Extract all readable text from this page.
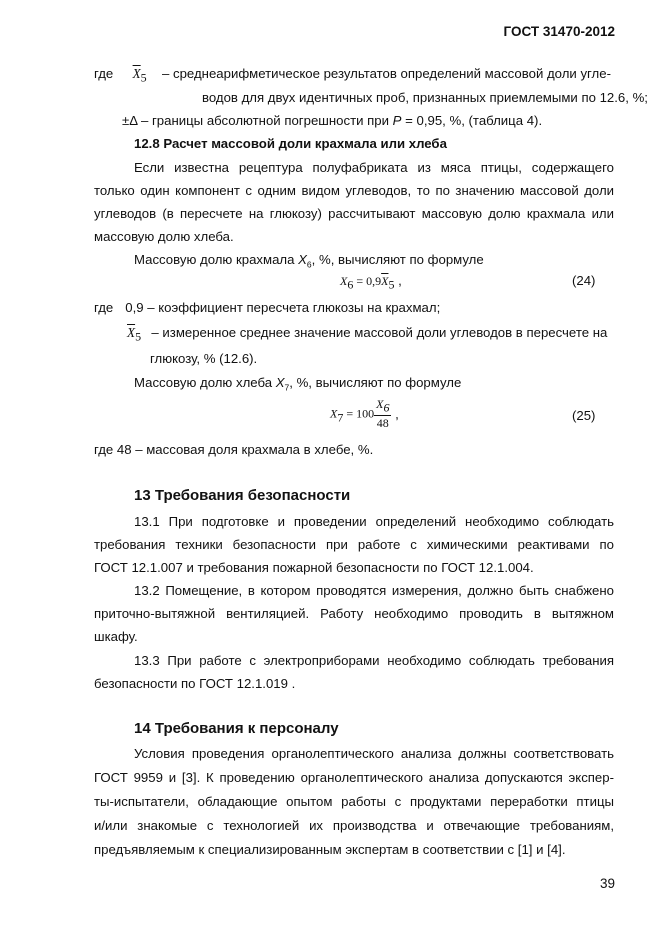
ГОСТ 31470-2012
где $\overline{X}_5$ – среднеарифметическое результатов определений массовой доли угле-
водов для двух идентичных проб, признанных приемлемыми по 12.6, %;
±Δ – границы абсолютной погрешности при P = 0,95, %, (таблица 4).
12.8 Расчет массовой доли крахмала или хлеба
Если известна рецептура полуфабриката из мяса птицы, содержащего
только один компонент с одним видом углеводов, то по значению массовой доли
углеводов (в пересчете на глюкозу) рассчитывают массовую долю крахмала или
массовую долю хлеба.
Массовую долю крахмала $X_6$, %, вычисляют по формуле
$X_6 = 0,9\overline{X}_5$ ,	(24)
где 0,9 – коэффициент пересчета глюкозы на крахмал;
$\overline{X}_5$ – измеренное среднее значение массовой доли углеводов в пересчете на
глюкозу, % (12.6).
Массовую долю хлеба $X_7$, %, вычисляют по формуле
$X_7 = 100 \frac{X_6}{48}$ ,	(25)
где 48 – массовая доля крахмала в хлебе, %.
13 Требования безопасности
13.1 При подготовке и проведении определений необходимо соблюдать
требования техники безопасности при работе с химическими реактивами по
ГОСТ 12.1.007 и требования пожарной безопасности по ГОСТ 12.1.004.
13.2 Помещение, в котором проводятся измерения, должно быть снабжено
приточно-вытяжной вентиляцией. Работу необходимо проводить в вытяжном
шкафу.
13.3 При работе с электроприборами необходимо соблюдать требования
безопасности по ГОСТ 12.1.019 .
14 Требования к персоналу
Условия проведения органолептического анализа должны соответствовать
ГОСТ 9959 и [3]. К проведению органолептического анализа допускаются экспер-
ты-испытатели, обладающие опытом работы с продуктами переработки птицы
и/или знакомые с технологией их производства и отвечающие требованиям,
предъявляемым к специализированным экспертам в соответствии с [1] и [4].
39
